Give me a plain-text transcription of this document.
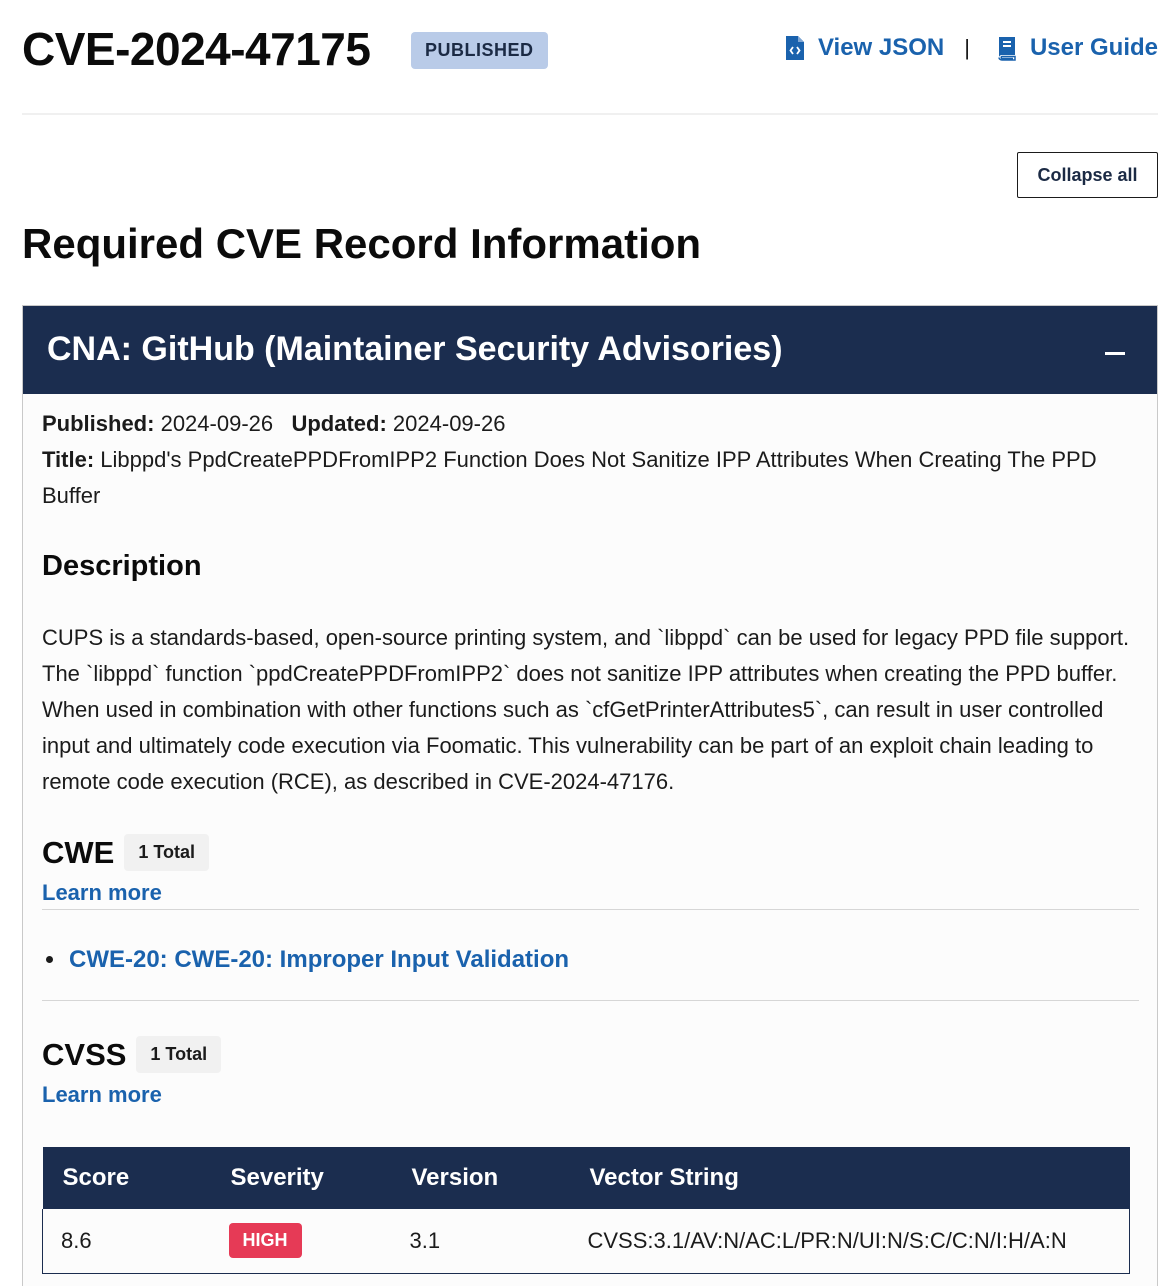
CVE-2024-47175	PUBLISHED	View JSON |	User Guide
Collapse all
Required CVE Record Information
CNA: GitHub (Maintainer Security Advisories)
Published: 2024-09-26 Updated: 2024-09-26
Title: Libppd's PpdCreatePPDFromIPP2 Function Does Not Sanitize IPP Attributes When Creating The PPD Buffer
Description
CUPS is a standards-based, open-source printing system, and `libppd` can be used for legacy PPD file support. The `libppd` function `ppdCreatePPDFromIPP2` does not sanitize IPP attributes when creating the PPD buffer. When used in combination with other functions such as `cfGetPrinterAttributes5`, can result in user controlled input and ultimately code execution via Foomatic. This vulnerability can be part of an exploit chain leading to remote code execution (RCE), as described in CVE-2024-47176.
CWE	1 Total
Learn more
• CWE-20: CWE-20: Improper Input Validation
CVSS	1 Total
Learn more
Score	Severity	Version	Vector String
8.6	HIGH	3.1	CVSS:3.1/AV:N/AC:L/PR:N/UI:N/S:C/C:N/I:H/A:N
